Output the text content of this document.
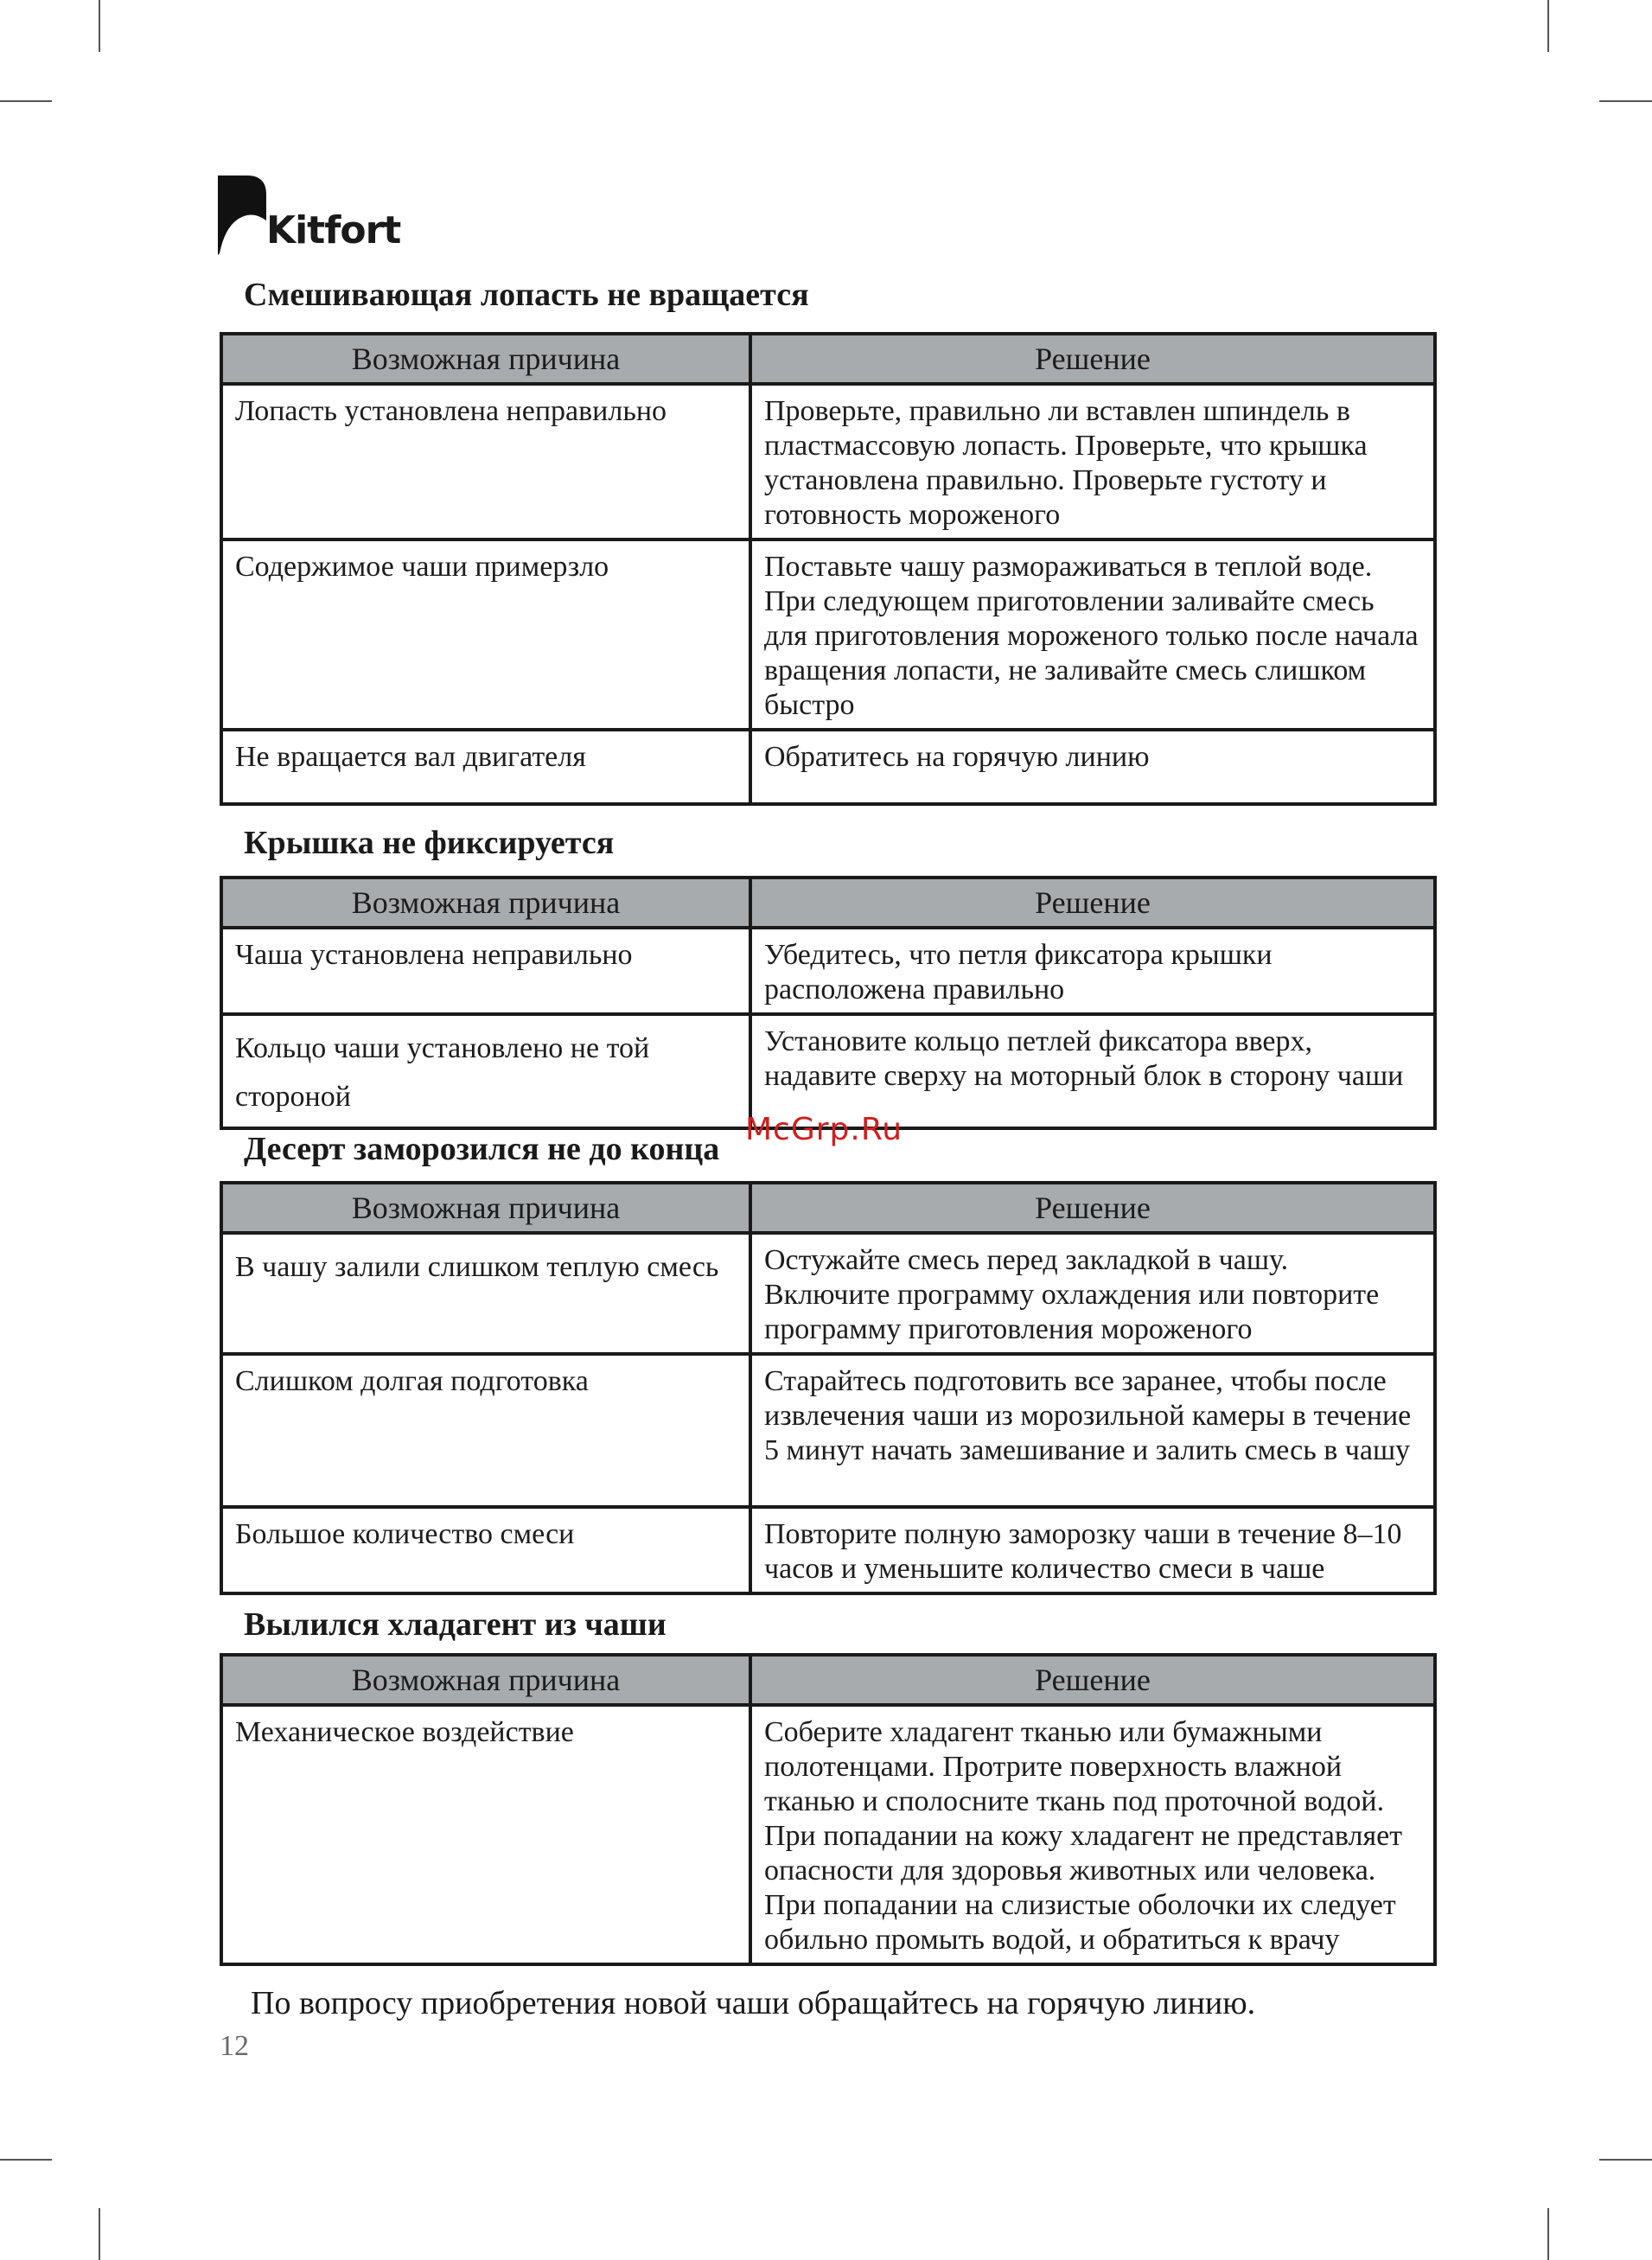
Kitfort
Смешивающая лопасть не вращается
Возможная причина	Решение
Лопасть установлена неправильно	Проверьте, правильно ли вставлен шпиндель в пластмассовую лопасть. Проверьте, что крышка установлена правильно. Проверьте густоту и готовность мороженого
Содержимое чаши примерзло	Поставьте чашу размораживаться в теплой воде. При следующем приготовлении заливайте смесь для приготовления мороженого только после начала вращения лопасти, не заливайте смесь слишком быстро
Не вращается вал двигателя	Обратитесь на горячую линию
Крышка не фиксируется
Возможная причина	Решение
Чаша установлена неправильно	Убедитесь, что петля фиксатора крышки расположена правильно
Кольцо чаши установлено не той стороной	Установите кольцо петлей фиксатора вверх, надавите сверху на моторный блок в сторону чаши
McGrp.Ru
Десерт заморозился не до конца
Возможная причина	Решение
В чашу залили слишком теплую смесь	Остужайте смесь перед закладкой в чашу. Включите программу охлаждения или повторите программу приготовления мороженого
Слишком долгая подготовка	Старайтесь подготовить все заранее, чтобы после извлечения чаши из морозильной камеры в течение 5 минут начать замешивание и залить смесь в чашу
Большое количество смеси	Повторите полную заморозку чаши в течение 8–10 часов и уменьшите количество смеси в чаше
Вылился хладагент из чаши
Возможная причина	Решение
Механическое воздействие	Соберите хладагент тканью или бумажными полотенцами. Протрите поверхность влажной тканью и сполосните ткань под проточной водой. При попадании на кожу хладагент не представляет опасности для здоровья животных или человека. При попадании на слизистые оболочки их следует обильно промыть водой, и обратиться к врачу
По вопросу приобретения новой чаши обращайтесь на горячую линию.
12
